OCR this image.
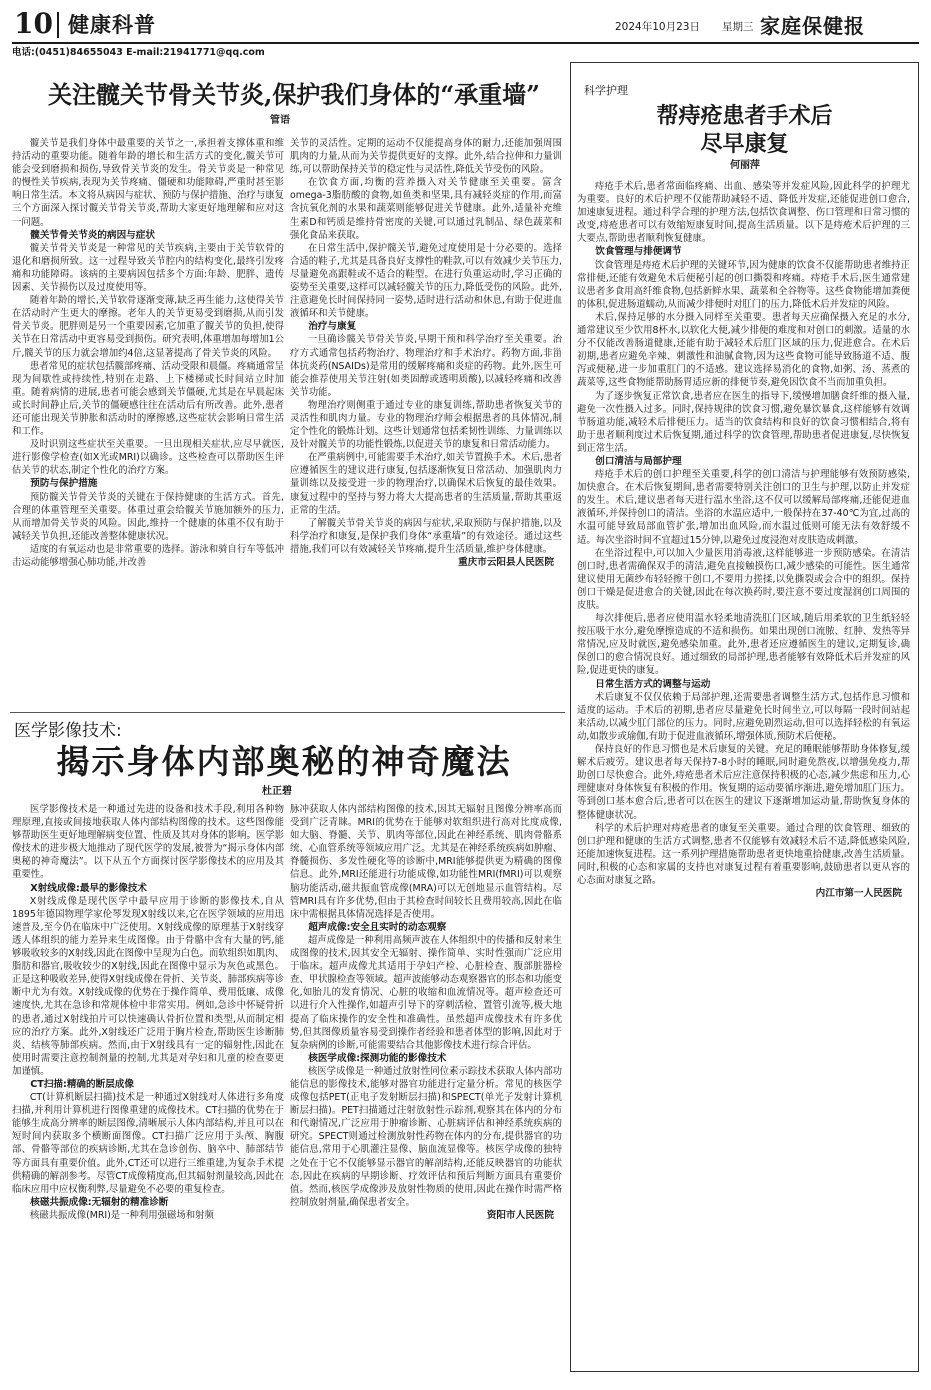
10 健康科普	2024年10月23日 星期三 家庭保健报
电话:(0451)84655043 E-mail:21941771@qq.com
关注髋关节骨关节炎,保护我们身体的“承重墙”
管语
髋关节是我们身体中最重要的关节之一,承担着支撑体重和维持活动的重要功能。随着年龄的增长和生活方式的变化,髋关节可能会受到磨损和损伤,导致骨关节炎的发生。骨关节炎是一种常见的慢性关节疾病,表现为关节疼痛、僵硬和功能障碍,严重时甚至影响日常生活。本文将从病因与症状、预防与保护措施、治疗与康复三个方面深入探讨髋关节骨关节炎,帮助大家更好地理解和应对这一问题。
髋关节骨关节炎的病因与症状
髋关节骨关节炎是一种常见的关节疾病,主要由于关节软骨的退化和磨损所致。这一过程导致关节腔内的结构变化,最终引发疼痛和功能障碍。该病的主要病因包括多个方面:年龄、肥胖、遗传因素、关节损伤以及过度使用等。
随着年龄的增长,关节软骨逐渐变薄,缺乏再生能力,这使得关节在活动时产生更大的摩擦。老年人的关节更易受到磨损,从而引发骨关节炎。肥胖则是另一个重要因素,它加重了髋关节的负担,使得关节在日常活动中更容易受到损伤。研究表明,体重增加每增加1公斤,髋关节的压力就会增加约4倍,这显著提高了骨关节炎的风险。
患者常见的症状包括髋部疼痛、活动受限和晨僵。疼痛通常呈现为间歇性或持续性,特别在走路、上下楼梯或长时间站立时加重。随着病情的进展,患者可能会感到关节僵硬,尤其是在早晨起床或长时间静止后,关节的僵硬感往往在活动后有所改善。此外,患者还可能出现关节肿胀和活动时的摩擦感,这些症状会影响日常生活和工作。
及时识别这些症状至关重要。一旦出现相关症状,应尽早就医,进行影像学检查(如X光或MRI)以确诊。这些检查可以帮助医生评估关节的状态,制定个性化的治疗方案。
预防与保护措施
预防髋关节骨关节炎的关键在于保持健康的生活方式。首先,合理的体重管理至关重要。体重过重会给髋关节施加额外的压力,从而增加骨关节炎的风险。因此,维持一个健康的体重不仅有助于减轻关节负担,还能改善整体健康状况。
适度的有氧运动也是非常重要的选择。游泳和骑自行车等低冲击运动能够增强心肺功能,并改善
关节的灵活性。定期的运动不仅能提高身体的耐力,还能加强周围肌肉的力量,从而为关节提供更好的支撑。此外,结合拉伸和力量训练,可以帮助保持关节的稳定性与灵活性,降低关节受伤的风险。
在饮食方面,均衡的营养摄入对关节健康至关重要。富含omega-3脂肪酸的食物,如鱼类和坚果,具有减轻炎症的作用,而富含抗氧化剂的水果和蔬菜则能够促进关节健康。此外,适量补充维生素D和钙质是维持骨密度的关键,可以通过乳制品、绿色蔬菜和强化食品来获取。
在日常生活中,保护髋关节,避免过度使用是十分必要的。选择合适的鞋子,尤其是具备良好支撑性的鞋款,可以有效减少关节压力,尽量避免高跟鞋或不适合的鞋型。在进行负重运动时,学习正确的姿势至关重要,这样可以减轻髋关节的压力,降低受伤的风险。此外,注意避免长时间保持同一姿势,适时进行活动和休息,有助于促进血液循环和关节健康。
治疗与康复
一旦确诊髋关节骨关节炎,早期干预和科学治疗至关重要。治疗方式通常包括药物治疗、物理治疗和手术治疗。药物方面,非甾体抗炎药(NSAIDs)是常用的缓解疼痛和炎症的药物。此外,医生可能会推荐使用关节注射(如类固醇或透明质酸),以减轻疼痛和改善关节功能。
物理治疗则侧重于通过专业的康复训练,帮助患者恢复关节的灵活性和肌肉力量。专业的物理治疗师会根据患者的具体情况,制定个性化的锻炼计划。这些计划通常包括柔韧性训练、力量训练以及针对髋关节的功能性锻炼,以促进关节的康复和日常活动能力。
在严重病例中,可能需要手术治疗,如关节置换手术。术后,患者应遵循医生的建议进行康复,包括逐渐恢复日常活动、加强肌肉力量训练以及接受进一步的物理治疗,以确保术后恢复的最佳效果。康复过程中的坚持与努力将大大提高患者的生活质量,帮助其重返正常的生活。
了解髋关节骨关节炎的病因与症状,采取预防与保护措施,以及科学治疗和康复,是保护我们身体“承重墙”的有效途径。通过这些措施,我们可以有效减轻关节疼痛,提升生活质量,维护身体健康。
重庆市云阳县人民医院
医学影像技术:
揭示身体内部奥秘的神奇魔法
杜正碧
医学影像技术是一种通过先进的设备和技术手段,利用各种物理原理,直接或间接地获取人体内部结构图像的技术。这些图像能够帮助医生更好地理解病变位置、性质及其对身体的影响。医学影像技术的进步极大地推动了现代医学的发展,被誉为“揭示身体内部奥秘的神奇魔法”。以下从五个方面探讨医学影像技术的应用及其重要性。
X射线成像:最早的影像技术
X射线成像是现代医学中最早应用于诊断的影像技术,自从1895年德国物理学家伦琴发现X射线以来,它在医学领域的应用迅速普及,至今仍在临床中广泛使用。X射线成像的原理基于X射线穿透人体组织的能力差异来生成图像。由于骨骼中含有大量的钙,能够吸收较多的X射线,因此在图像中呈现为白色。而软组织如肌肉、脂肪和器官,吸收较少的X射线,因此在图像中显示为灰色或黑色。正是这种吸收差异,使得X射线成像在骨折、关节炎、肺部疾病等诊断中尤为有效。X射线成像的优势在于操作简单、费用低廉、成像速度快,尤其在急诊和常规体检中非常实用。例如,急诊中怀疑骨折的患者,通过X射线拍片可以快速确认骨折位置和类型,从而制定相应的治疗方案。此外,X射线还广泛用于胸片检查,帮助医生诊断肺炎、结核等肺部疾病。然而,由于X射线具有一定的辐射性,因此在使用时需要注意控制剂量的控制,尤其是对孕妇和儿童的检查要更加谨慎。
CT扫描:精确的断层成像
CT(计算机断层扫描)技术是一种通过X射线对人体进行多角度扫描,并利用计算机进行图像重建的成像技术。CT扫描的优势在于能够生成高分辨率的断层图像,清晰展示人体内部结构,并且可以在短时间内获取多个横断面图像。CT扫描广泛应用于头颅、胸腹部、骨骼等部位的疾病诊断,尤其在急诊创伤、脑卒中、肺部结节等方面具有重要价值。此外,CT还可以进行三维重建,为复杂手术提供精确的解剖参考。尽管CT成像精度高,但其辐射剂量较高,因此在临床应用中应权衡利弊,尽量避免不必要的重复检查。
核磁共振成像:无辐射的精准诊断
核磁共振成像(MRI)是一种利用强磁场和射频
脉冲获取人体内部结构图像的技术,因其无辐射且图像分辨率高而受到广泛青睐。MRI的优势在于能够对软组织进行高对比度成像,如大脑、脊髓、关节、肌肉等部位,因此在神经系统、肌肉骨骼系统、心血管系统等领域应用广泛。尤其是在神经系统疾病如肿瘤、脊髓损伤、多发性硬化等的诊断中,MRI能够提供更为精确的图像信息。此外,MRI还能进行功能成像,如功能性MRI(fMRI)可以观察脑功能活动,磁共振血管成像(MRA)可以无创地显示血管结构。尽管MRI具有许多优势,但由于其检查时间较长且费用较高,因此在临床中需根据具体情况选择是否使用。
超声成像:安全且实时的动态观察
超声成像是一种利用高频声波在人体组织中的传播和反射来生成图像的技术,因其安全无辐射、操作简单、实时性强而广泛应用于临床。超声成像尤其适用于孕妇产检、心脏检查、腹部脏器检查、甲状腺检查等领域。超声波能够动态观察器官的形态和功能变化,如胎儿的发育情况、心脏的收缩和血流情况等。超声检查还可以进行介入性操作,如超声引导下的穿刺活检、置管引流等,极大地提高了临床操作的安全性和准确性。虽然超声成像技术有许多优势,但其图像质量容易受到操作者经验和患者体型的影响,因此对于复杂病例的诊断,可能需要结合其他影像技术进行综合评估。
核医学成像:探测功能的影像技术
核医学成像是一种通过放射性同位素示踪技术获取人体内部功能信息的影像技术,能够对器官功能进行定量分析。常见的核医学成像包括PET(正电子发射断层扫描)和SPECT(单光子发射计算机断层扫描)。PET扫描通过注射放射性示踪剂,观察其在体内的分布和代谢情况,广泛应用于肿瘤诊断、心脏病评估和神经系统疾病的研究。SPECT则通过检测放射性药物在体内的分布,提供器官的功能信息,常用于心肌灌注显像、脑血流显像等。核医学成像的独特之处在于它不仅能够显示器官的解剖结构,还能反映器官的功能状态,因此在疾病的早期诊断、疗效评估和预后判断方面具有重要价值。然而,核医学成像涉及放射性物质的使用,因此在操作时需严格控制放射剂量,确保患者安全。
资阳市人民医院
科学护理
帮痔疮患者手术后
尽早康复
何丽萍
痔疮手术后,患者常面临疼痛、出血、感染等并发症风险,因此科学的护理尤为重要。良好的术后护理不仅能帮助减轻不适、降低并发症,还能促进创口愈合,加速康复进程。通过科学合理的护理方法,包括饮食调整、伤口管理和日常习惯的改变,痔疮患者可以有效缩短康复时间,提高生活质量。以下是痔疮术后护理的三大要点,帮助患者顺利恢复健康。
饮食管理与排便调节
饮食管理是痔疮术后护理的关键环节,因为健康的饮食不仅能帮助患者维持正常排便,还能有效避免术后便秘引起的创口撕裂和疼痛。痔疮手术后,医生通常建议患者多食用高纤维食物,包括新鲜水果、蔬菜和全谷物等。这些食物能增加粪便的体积,促进肠道蠕动,从而减少排便时对肛门的压力,降低术后并发症的风险。
术后,保持足够的水分摄入同样至关重要。患者每天应确保摄入充足的水分,通常建议至少饮用8杯水,以软化大便,减少排便的难度和对创口的刺激。适量的水分不仅能改善肠道健康,还能有助于减轻术后肛门区域的压力,促进愈合。在术后初期,患者应避免辛辣、刺激性和油腻食物,因为这些食物可能导致肠道不适、腹泻或便秘,进一步加重肛门的不适感。建议选择易消化的食物,如粥、汤、蒸煮的蔬菜等,这些食物能帮助肠胃适应新的排便节奏,避免因饮食不当而加重负担。
为了逐步恢复正常饮食,患者应在医生的指导下,缓慢增加膳食纤维的摄入量,避免一次性摄入过多。同时,保持规律的饮食习惯,避免暴饮暴食,这样能够有效调节肠道功能,减轻术后排便压力。适当的饮食结构和良好的饮食习惯相结合,将有助于患者顺利度过术后恢复期,通过科学的饮食管理,帮助患者促进康复,尽快恢复到正常生活。
创口清洁与局部护理
痔疮手术后的创口护理至关重要,科学的创口清洁与护理能够有效预防感染,加快愈合。在术后恢复期间,患者需要特别关注创口的卫生与护理,以防止并发症的发生。术后,建议患者每天进行温水坐浴,这不仅可以缓解局部疼痛,还能促进血液循环,并保持创口的清洁。坐浴的水温应适中,一般保持在37-40℃为宜,过高的水温可能导致局部血管扩张,增加出血风险,而水温过低则可能无法有效舒缓不适。每次坐浴时间不宜超过15分钟,以避免过度浸泡对皮肤造成刺激。
在坐浴过程中,可以加入少量医用消毒液,这样能够进一步预防感染。在清洁创口时,患者需确保双手的清洁,避免直接触摸伤口,减少感染的可能性。医生通常建议使用无菌纱布轻轻擦干创口,不要用力搓揉,以免撕裂或会合中的组织。保持创口干燥是促进愈合的关键,因此在每次换药时,要注意不要过度湿润创口周围的皮肤。
每次排便后,患者应使用温水轻柔地清洗肛门区域,随后用柔软的卫生纸轻轻按压吸干水分,避免摩擦造成的不适和损伤。如果出现创口流脓、红肿、发热等异常情况,应及时就医,避免感染加重。此外,患者还应遵循医生的建议,定期复诊,确保创口的愈合情况良好。通过细致的局部护理,患者能够有效降低术后并发症的风险,促进更快的康复。
日常生活方式的调整与运动
术后康复不仅仅依赖于局部护理,还需要患者调整生活方式,包括作息习惯和适度的运动。手术后的初期,患者应尽量避免长时间坐立,可以每隔一段时间站起来活动,以减少肛门部位的压力。同时,应避免剧烈运动,但可以选择轻松的有氧运动,如散步或瑜伽,有助于促进血液循环,增强体质,预防术后便秘。
保持良好的作息习惯也是术后康复的关键。充足的睡眠能够帮助身体修复,缓解术后疲劳。建议患者每天保持7-8小时的睡眠,同时避免熬夜,以增强免疫力,帮助创口尽快愈合。此外,痔疮患者术后应注意保持积极的心态,减少焦虑和压力,心理健康对身体恢复有积极的作用。恢复期的运动要循序渐进,避免增加肛门压力。等到创口基本愈合后,患者可以在医生的建议下逐渐增加运动量,帮助恢复身体的整体健康状况。
科学的术后护理对痔疮患者的康复至关重要。通过合理的饮食管理、细致的创口护理和健康的生活方式调整,患者不仅能够有效减轻术后不适,降低感染风险,还能加速恢复进程。这一系列护理措施帮助患者更快地重拾健康,改善生活质量。同时,积极的心态和家属的支持也对康复过程有着重要影响,鼓励患者以更从容的心态面对康复之路。
内江市第一人民医院
